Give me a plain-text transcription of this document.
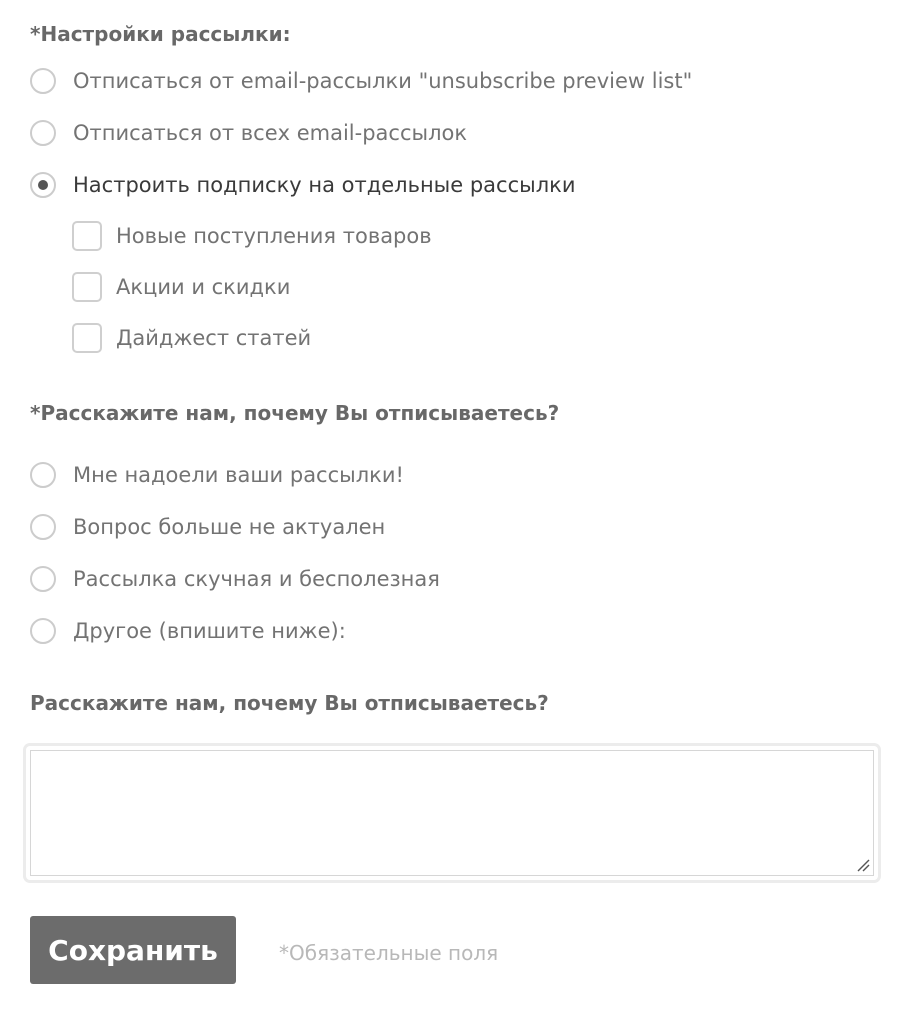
*Настройки рассылки:
Отписаться от email-рассылки "unsubscribe preview list"
Отписаться от всех email-рассылок
Настроить подписку на отдельные рассылки
Новые поступления товаров
Акции и скидки
Дайджест статей
*Расскажите нам, почему Вы отписываетесь?
Мне надоели ваши рассылки!
Вопрос больше не актуален
Рассылка скучная и бесполезная
Другое (впишите ниже):
Расскажите нам, почему Вы отписываетесь?
Сохранить	*Обязательные поля
